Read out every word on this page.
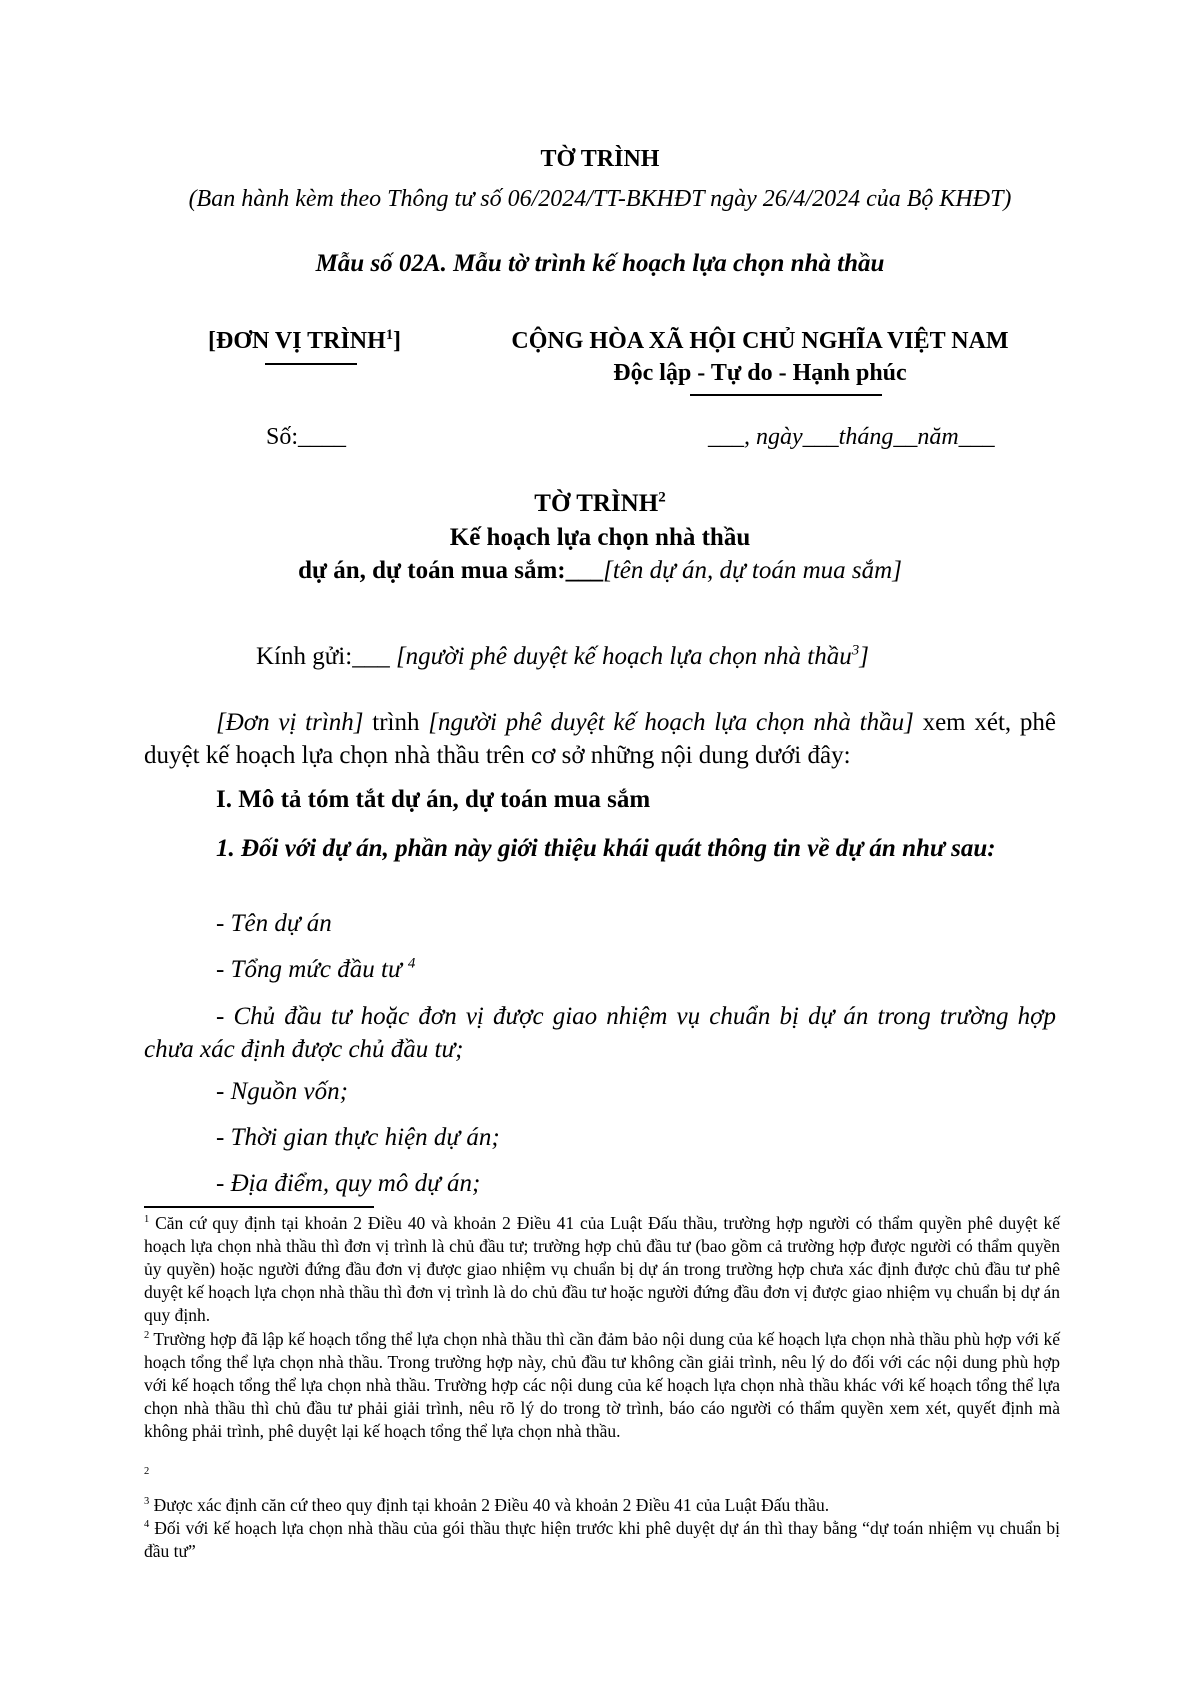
TỜ TRÌNH
(Ban hành kèm theo Thông tư số 06/2024/TT-BKHĐT ngày 26/4/2024 của Bộ KHĐT)
Mẫu số 02A. Mẫu tờ trình kế hoạch lựa chọn nhà thầu
[ĐƠN VỊ TRÌNH$^1$]	CỘNG HÒA XÃ HỘI CHỦ NGHĨA VIỆT NAM
Độc lập - Tự do - Hạnh phúc
Số:____	___, ngày___tháng__năm___
TỜ TRÌNH$^2$
Kế hoạch lựa chọn nhà thầu
dự án, dự toán mua sắm:___[tên dự án, dự toán mua sắm]
Kính gửi:___ [người phê duyệt kế hoạch lựa chọn nhà thầu$^3$]
[Đơn vị trình] trình [người phê duyệt kế hoạch lựa chọn nhà thầu] xem xét, phê duyệt kế hoạch lựa chọn nhà thầu trên cơ sở những nội dung dưới đây:
I. Mô tả tóm tắt dự án, dự toán mua sắm
1. Đối với dự án, phần này giới thiệu khái quát thông tin về dự án như sau:
- Tên dự án
- Tổng mức đầu tư $^4$
- Chủ đầu tư hoặc đơn vị được giao nhiệm vụ chuẩn bị dự án trong trường hợp chưa xác định được chủ đầu tư;
- Nguồn vốn;
- Thời gian thực hiện dự án;
- Địa điểm, quy mô dự án;
$^1$ Căn cứ quy định tại khoản 2 Điều 40 và khoản 2 Điều 41 của Luật Đấu thầu, trường hợp người có thẩm quyền phê duyệt kế hoạch lựa chọn nhà thầu thì đơn vị trình là chủ đầu tư; trường hợp chủ đầu tư (bao gồm cả trường hợp được người có thẩm quyền ủy quyền) hoặc người đứng đầu đơn vị được giao nhiệm vụ chuẩn bị dự án trong trường hợp chưa xác định được chủ đầu tư phê duyệt kế hoạch lựa chọn nhà thầu thì đơn vị trình là do chủ đầu tư hoặc người đứng đầu đơn vị được giao nhiệm vụ chuẩn bị dự án quy định.
$^2$ Trường hợp đã lập kế hoạch tổng thể lựa chọn nhà thầu thì cần đảm bảo nội dung của kế hoạch lựa chọn nhà thầu phù hợp với kế hoạch tổng thể lựa chọn nhà thầu. Trong trường hợp này, chủ đầu tư không cần giải trình, nêu lý do đối với các nội dung phù hợp với kế hoạch tổng thể lựa chọn nhà thầu. Trường hợp các nội dung của kế hoạch lựa chọn nhà thầu khác với kế hoạch tổng thể lựa chọn nhà thầu thì chủ đầu tư phải giải trình, nêu rõ lý do trong tờ trình, báo cáo người có thẩm quyền xem xét, quyết định mà không phải trình, phê duyệt lại kế hoạch tổng thể lựa chọn nhà thầu.
$^2$
$^3$ Được xác định căn cứ theo quy định tại khoản 2 Điều 40 và khoản 2 Điều 41 của Luật Đấu thầu.
$^4$ Đối với kế hoạch lựa chọn nhà thầu của gói thầu thực hiện trước khi phê duyệt dự án thì thay bằng “dự toán nhiệm vụ chuẩn bị đầu tư”
